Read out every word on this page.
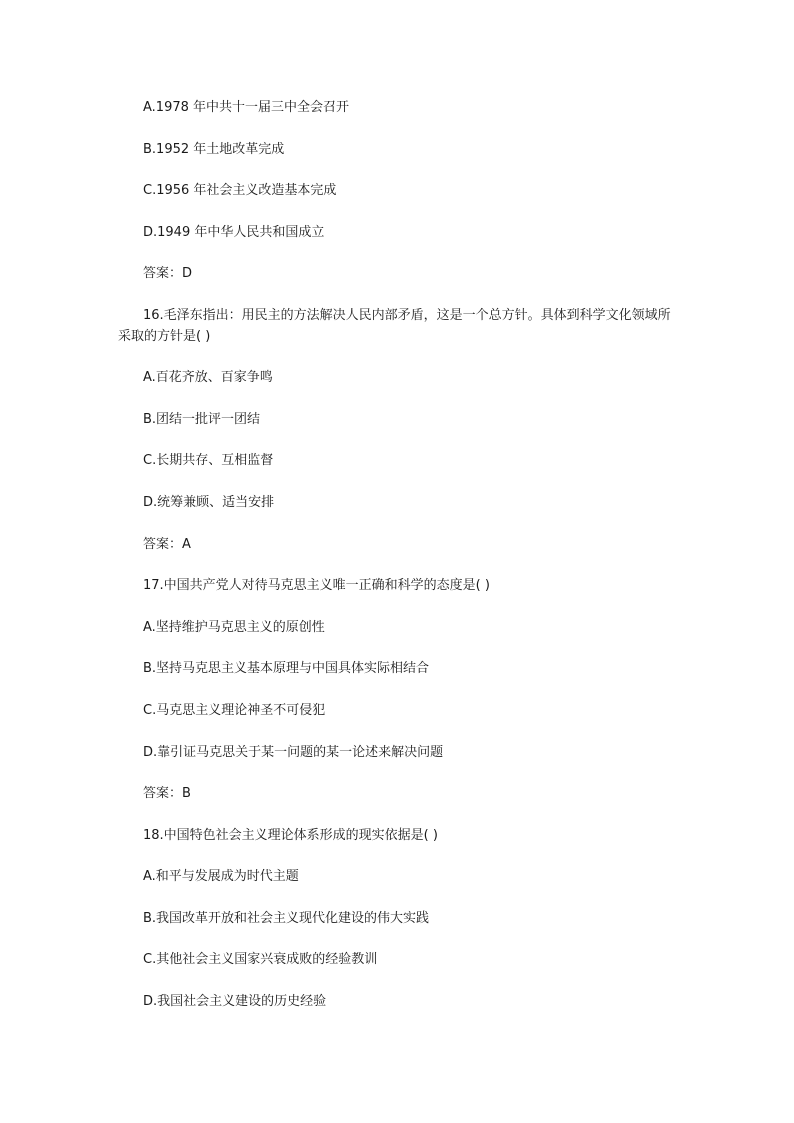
A.1978 年中共十一届三中全会召开
B.1952 年土地改革完成
C.1956 年社会主义改造基本完成
D.1949 年中华人民共和国成立
答案：D
16.毛泽东指出：用民主的方法解决人民内部矛盾，这是一个总方针。具体到科学文化领域所采取的方针是( )
A.百花齐放、百家争鸣
B.团结一批评一团结
C.长期共存、互相监督
D.统筹兼顾、适当安排
答案：A
17.中国共产党人对待马克思主义唯一正确和科学的态度是( )
A.坚持维护马克思主义的原创性
B.坚持马克思主义基本原理与中国具体实际相结合
C.马克思主义理论神圣不可侵犯
D.靠引证马克思关于某一问题的某一论述来解决问题
答案：B
18.中国特色社会主义理论体系形成的现实依据是( )
A.和平与发展成为时代主题
B.我国改革开放和社会主义现代化建设的伟大实践
C.其他社会主义国家兴衰成败的经验教训
D.我国社会主义建设的历史经验
